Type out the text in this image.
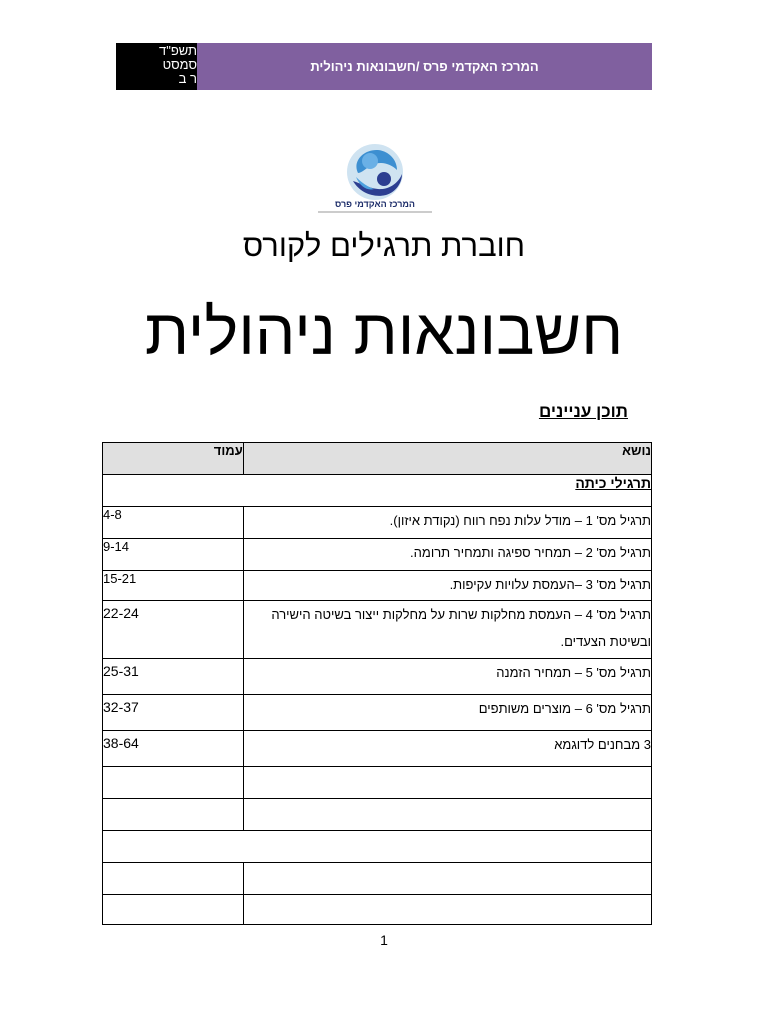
תשפ"ד
סמסט
ר ב
המרכז האקדמי פרס /חשבונאות ניהולית
המרכז האקדמי פרס
חוברת תרגילים לקורס
חשבונאות ניהולית
תוכן עניינים
נושא	עמוד
תרגילי כיתה	
תרגיל מס' 1 – מודל עלות נפח רווח (נקודת איזון).	4-8
תרגיל מס' 2 – תמחיר ספיגה ותמחיר תרומה.	9-14
תרגיל מס' 3 –העמסת עלויות עקיפות.	15-21
תרגיל מס' 4 – העמסת מחלקות שרות על מחלקות ייצור בשיטה הישירה ובשיטת הצעדים.	22-24
תרגיל מס' 5 – תמחיר הזמנה	25-31
תרגיל מס' 6 – מוצרים משותפים	32-37
3 מבחנים לדוגמא	38-64

1
